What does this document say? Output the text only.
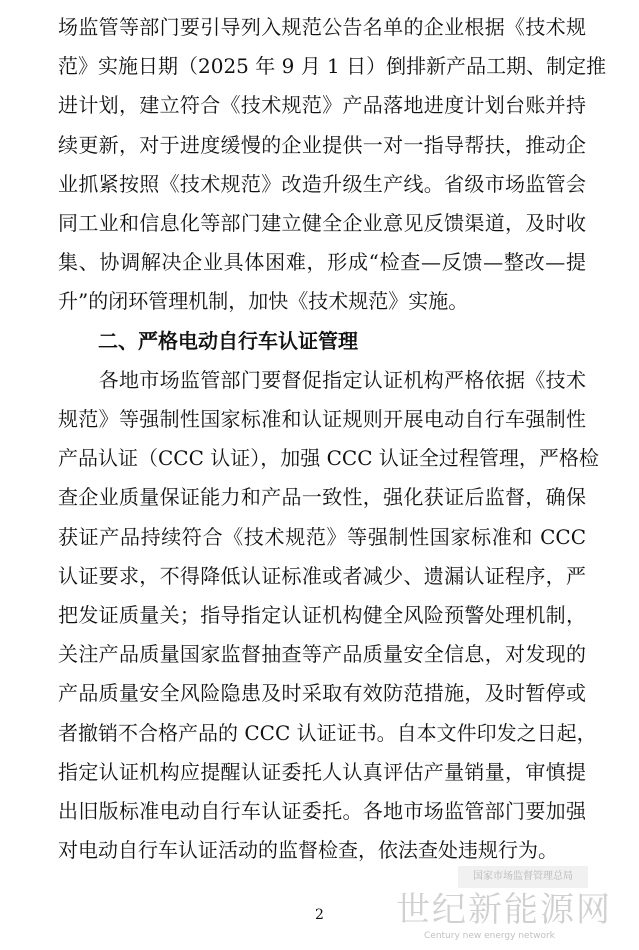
场监管等部门要引导列入规范公告名单的企业根据《技术规
范》实施日期（2025 年 9 月 1 日）倒排新产品工期、制定推
进计划，建立符合《技术规范》产品落地进度计划台账并持
续更新，对于进度缓慢的企业提供一对一指导帮扶，推动企
业抓紧按照《技术规范》改造升级生产线。省级市场监管会
同工业和信息化等部门建立健全企业意见反馈渠道，及时收
集、协调解决企业具体困难，形成“检查—反馈—整改—提
升”的闭环管理机制，加快《技术规范》实施。
　　二、严格电动自行车认证管理
　　各地市场监管部门要督促指定认证机构严格依据《技术
规范》等强制性国家标准和认证规则开展电动自行车强制性
产品认证（CCC 认证），加强 CCC 认证全过程管理，严格检
查企业质量保证能力和产品一致性，强化获证后监督，确保
获证产品持续符合《技术规范》等强制性国家标准和 CCC
认证要求，不得降低认证标准或者减少、遗漏认证程序，严
把发证质量关；指导指定认证机构健全风险预警处理机制，
关注产品质量国家监督抽查等产品质量安全信息，对发现的
产品质量安全风险隐患及时采取有效防范措施，及时暂停或
者撤销不合格产品的 CCC 认证证书。自本文件印发之日起，
指定认证机构应提醒认证委托人认真评估产量销量，审慎提
出旧版标准电动自行车认证委托。各地市场监管部门要加强
对电动自行车认证活动的监督检查，依法查处违规行为。
国家市场监督管理总局
2	世纪新能源网
Century new energy network
